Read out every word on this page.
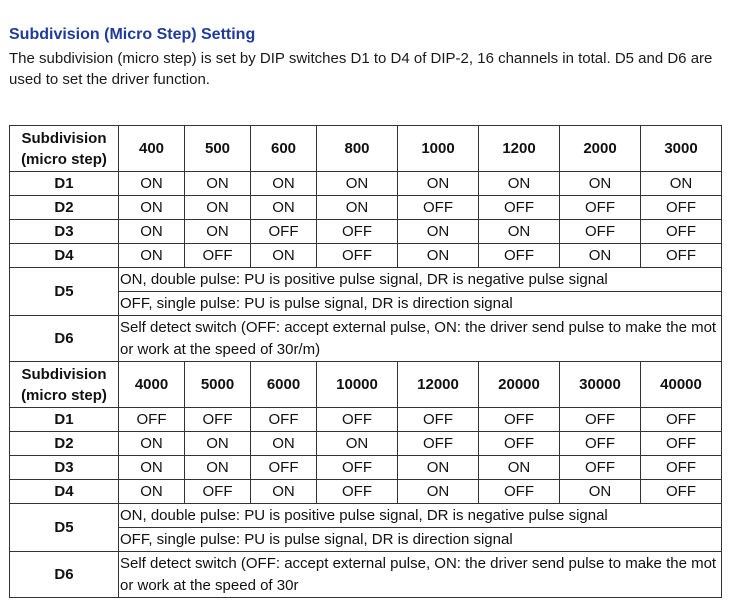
Subdivision (Micro Step) Setting
The subdivision (micro step) is set by DIP switches D1 to D4 of DIP-2, 16 channels in total. D5 and D6 are used to set the driver function.
Subdivision
(micro step)	400	500	600	800	1000	1200	2000	3000
D1	ON	ON	ON	ON	ON	ON	ON	ON
D2	ON	ON	ON	ON	OFF	OFF	OFF	OFF
D3	ON	ON	OFF	OFF	ON	ON	OFF	OFF
D4	ON	OFF	ON	OFF	ON	OFF	ON	OFF
D5	ON, double pulse: PU is positive pulse signal, DR is negative pulse signal							
	OFF, single pulse: PU is pulse signal, DR is direction signal							
D6	Self detect switch (OFF: accept external pulse, ON: the driver send pulse to make the motor work at the speed of 30r/m)							
Subdivision
(micro step)	4000	5000	6000	10000	12000	20000	30000	40000
D1	OFF	OFF	OFF	OFF	OFF	OFF	OFF	OFF
D2	ON	ON	ON	ON	OFF	OFF	OFF	OFF
D3	ON	ON	OFF	OFF	ON	ON	OFF	OFF
D4	ON	OFF	ON	OFF	ON	OFF	ON	OFF
D5	ON, double pulse: PU is positive pulse signal, DR is negative pulse signal							
	OFF, single pulse: PU is pulse signal, DR is direction signal							
D6	Self detect switch (OFF: accept external pulse, ON: the driver send pulse to make the motor work at the speed of 30r							
